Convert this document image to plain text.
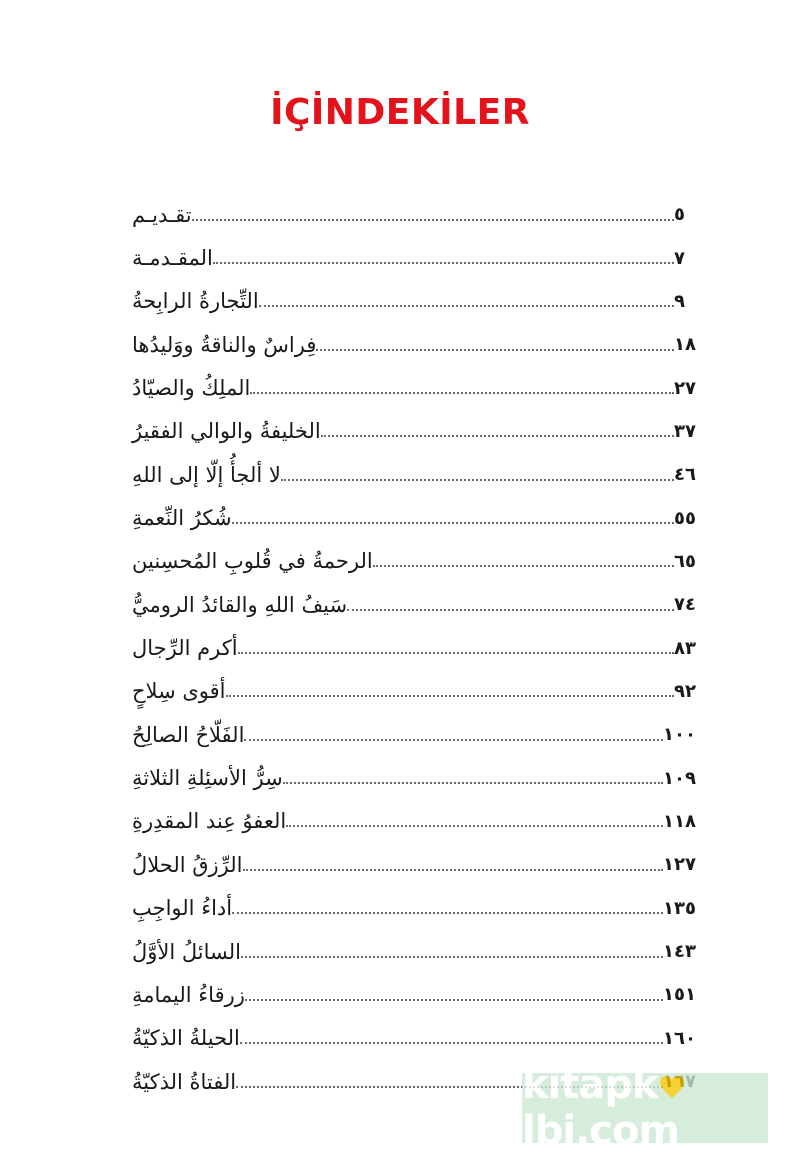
İÇİNDEKİLER
تقـديـم	٥
المقـدمـة	٧
التِّجارةُ الرابِحةُ	٩
فِراسٌ والناقةُ ووَليدُها	١٨
الملِكُ والصيّادُ	٢٧
الخليفةُ والوالي الفقيرُ	٣٧
لا ألجأُ إلّا إلى اللهِ	٤٦
شُكرُ النِّعمةِ	٥٥
الرحمةُ في قُلوبِ المُحسِنين	٦٥
سَيفُ اللهِ والقائدُ الروميُّ	٧٤
أكرم الرِّجال	٨٣
أقوى سِلاحٍ	٩٢
الفَلّاحُ الصالِحُ	١٠٠
سِرُّ الأسئِلةِ الثلاثةِ	١٠٩
العفوُ عِند المقدِرةِ	١١٨
الرِّزقُ الحلالُ	١٢٧
أداءُ الواجِبِ	١٣٥
السائلُ الأوَّلُ	١٤٣
زرقاءُ اليمامةِ	١٥١
الحيلةُ الذكيّةُ	١٦٠
الفتاةُ الذكيّةُ	kitapklbi.com
